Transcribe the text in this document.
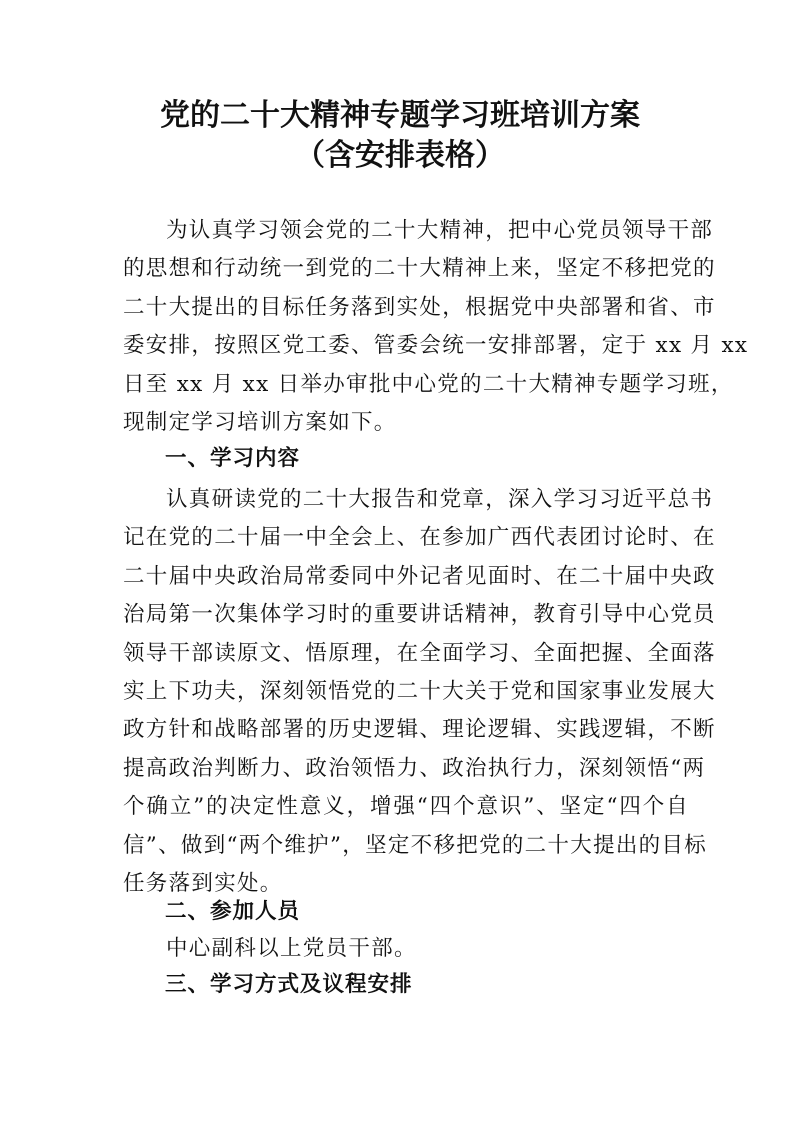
党的二十大精神专题学习班培训方案
（含安排表格）
为认真学习领会党的二十大精神，把中心党员领导干部
的思想和行动统一到党的二十大精神上来，坚定不移把党的
二十大提出的目标任务落到实处，根据党中央部署和省、市
委安排，按照区党工委、管委会统一安排部署，定于 xx 月 xx
日至 xx 月 xx 日举办审批中心党的二十大精神专题学习班，
现制定学习培训方案如下。
一、学习内容
认真研读党的二十大报告和党章，深入学习习近平总书
记在党的二十届一中全会上、在参加广西代表团讨论时、在
二十届中央政治局常委同中外记者见面时、在二十届中央政
治局第一次集体学习时的重要讲话精神，教育引导中心党员
领导干部读原文、悟原理，在全面学习、全面把握、全面落
实上下功夫，深刻领悟党的二十大关于党和国家事业发展大
政方针和战略部署的历史逻辑、理论逻辑、实践逻辑，不断
提高政治判断力、政治领悟力、政治执行力，深刻领悟“两
个确立”的决定性意义，增强“四个意识”、坚定“四个自
信”、做到“两个维护”，坚定不移把党的二十大提出的目标
任务落到实处。
二、参加人员
中心副科以上党员干部。
三、学习方式及议程安排
